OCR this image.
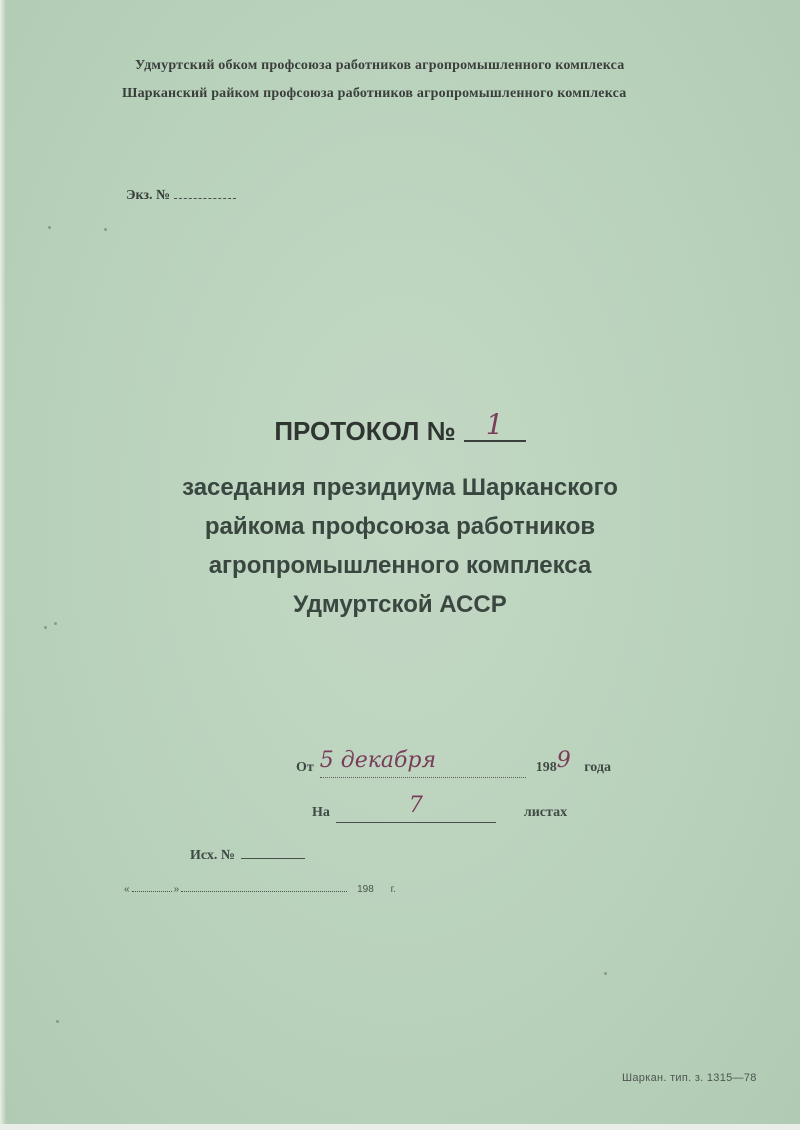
Удмуртский обком профсоюза работников агропромышленного комплекса
Шарканский райком профсоюза работников агропромышленного комплекса
Экз. №
ПРОТОКОЛ № 1
заседания президиума Шарканского
райкома профсоюза работников
агропромышленного комплекса
Удмуртской АССР
От 5 декабря	1989 года
На	7	листах
Исх. №
«	»	198 г.
Шаркан. тип. з. 1315—78
